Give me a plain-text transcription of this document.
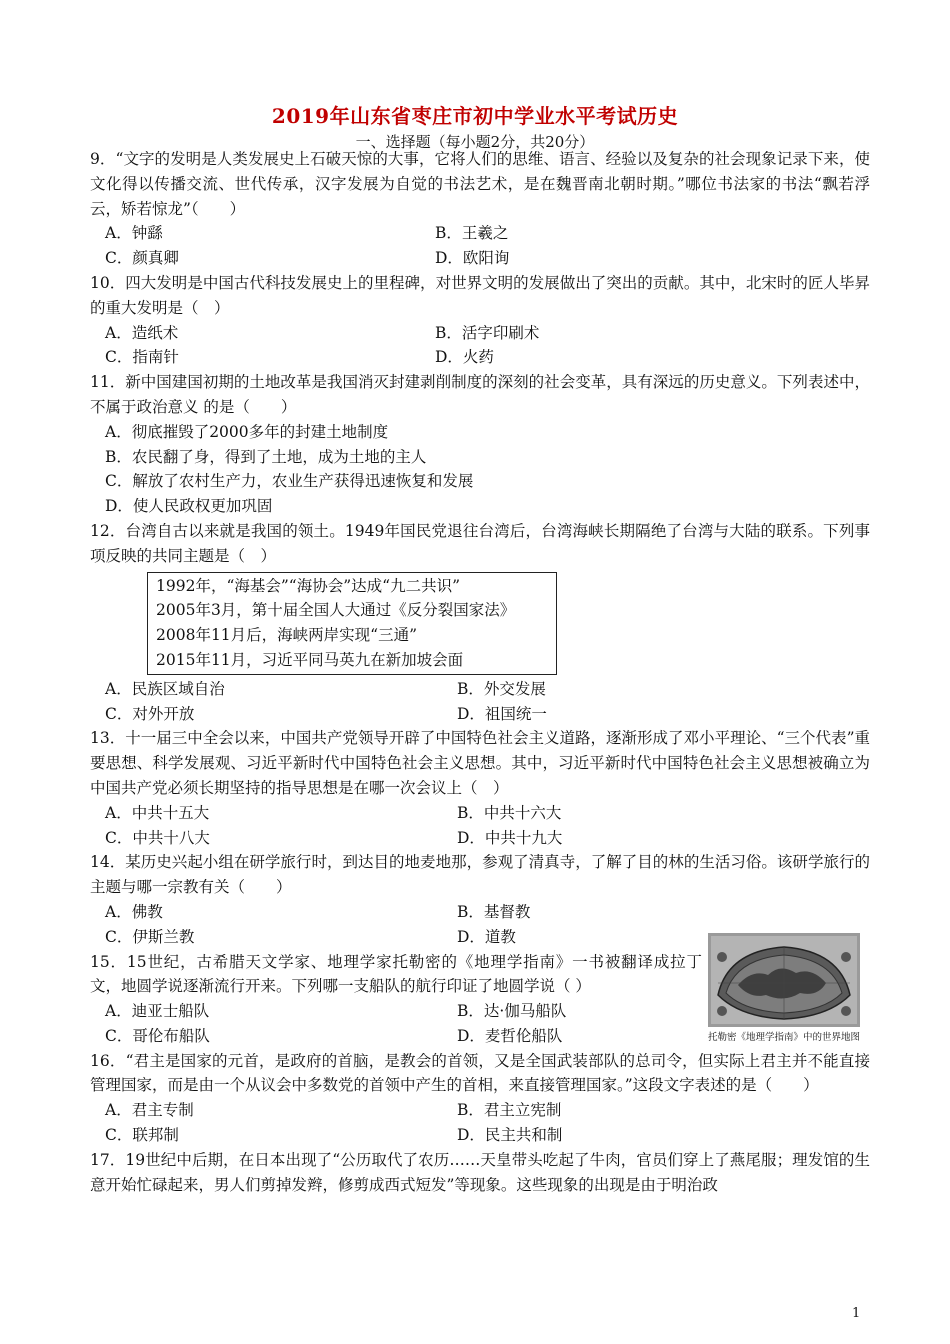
2019年山东省枣庄市初中学业水平考试历史
一、选择题（每小题2分，共20分）
9．“文字的发明是人类发展史上石破天惊的大事，它将人们的思维、语言、经验以及复杂的社会现象记录下来，使文化得以传播交流、世代传承，汉字发展为自觉的书法艺术，是在魏晋南北朝时期。”哪位书法家的书法“飘若浮云，矫若惊龙”（　　）
A．钟繇	B．王羲之
C．颜真卿	D．欧阳询
10．四大发明是中国古代科技发展史上的里程碑，对世界文明的发展做出了突出的贡献。其中，北宋时的匠人毕昇的重大发明是（　）
A．造纸术	B．活字印刷术
C．指南针	D．火药
11．新中国建国初期的土地改革是我国消灭封建剥削制度的深刻的社会变革，具有深远的历史意义。下列表述中，不属于政治意义 的是（　　）
A．彻底摧毁了2000多年的封建土地制度
B．农民翻了身，得到了土地，成为土地的主人
C．解放了农村生产力，农业生产获得迅速恢复和发展
D．使人民政权更加巩固
12．台湾自古以来就是我国的领土。1949年国民党退往台湾后，台湾海峡长期隔绝了台湾与大陆的联系。下列事项反映的共同主题是（　）
1992年，“海基会”“海协会”达成“九二共识”
2005年3月，第十届全国人大通过《反分裂国家法》
2008年11月后，海峡两岸实现“三通”
2015年11月，习近平同马英九在新加坡会面
A．民族区域自治	B．外交发展
C．对外开放	D．祖国统一
13．十一届三中全会以来，中国共产党领导开辟了中国特色社会主义道路，逐渐形成了邓小平理论、“三个代表”重要思想、科学发展观、习近平新时代中国特色社会主义思想。其中，习近平新时代中国特色社会主义思想被确立为中国共产党必须长期坚持的指导思想是在哪一次会议上（　）
A．中共十五大	B．中共十六大
C．中共十八大	D．中共十九大
14．某历史兴起小组在研学旅行时，到达目的地麦地那，参观了清真寺，了解了目的林的生活习俗。该研学旅行的主题与哪一宗教有关（　　）
A．佛教	B．基督教
C．伊斯兰教	D．道教
15．15世纪，古希腊天文学家、地理学家托勒密的《地理学指南》一书被翻译成拉丁文，地圆学说逐渐流行开来。下列哪一支船队的航行印证了地圆学说（ ）
A．迪亚士船队	B．达·伽马船队
C．哥伦布船队	D．麦哲伦船队
16．“君主是国家的元首，是政府的首脑，是教会的首领，又是全国武装部队的总司令，但实际上君主并不能直接管理国家，而是由一个从议会中多数党的首领中产生的首相，来直接管理国家。”这段文字表述的是（　　）
A．君主专制	B．君主立宪制
C．联邦制	D．民主共和制
17．19世纪中后期，在日本出现了“公历取代了农历……天皇带头吃起了牛肉，官员们穿上了燕尾服；理发馆的生意开始忙碌起来，男人们剪掉发辫，修剪成西式短发”等现象。这些现象的出现是由于明治政
托勒密《地理学指南》中的世界地图
1
